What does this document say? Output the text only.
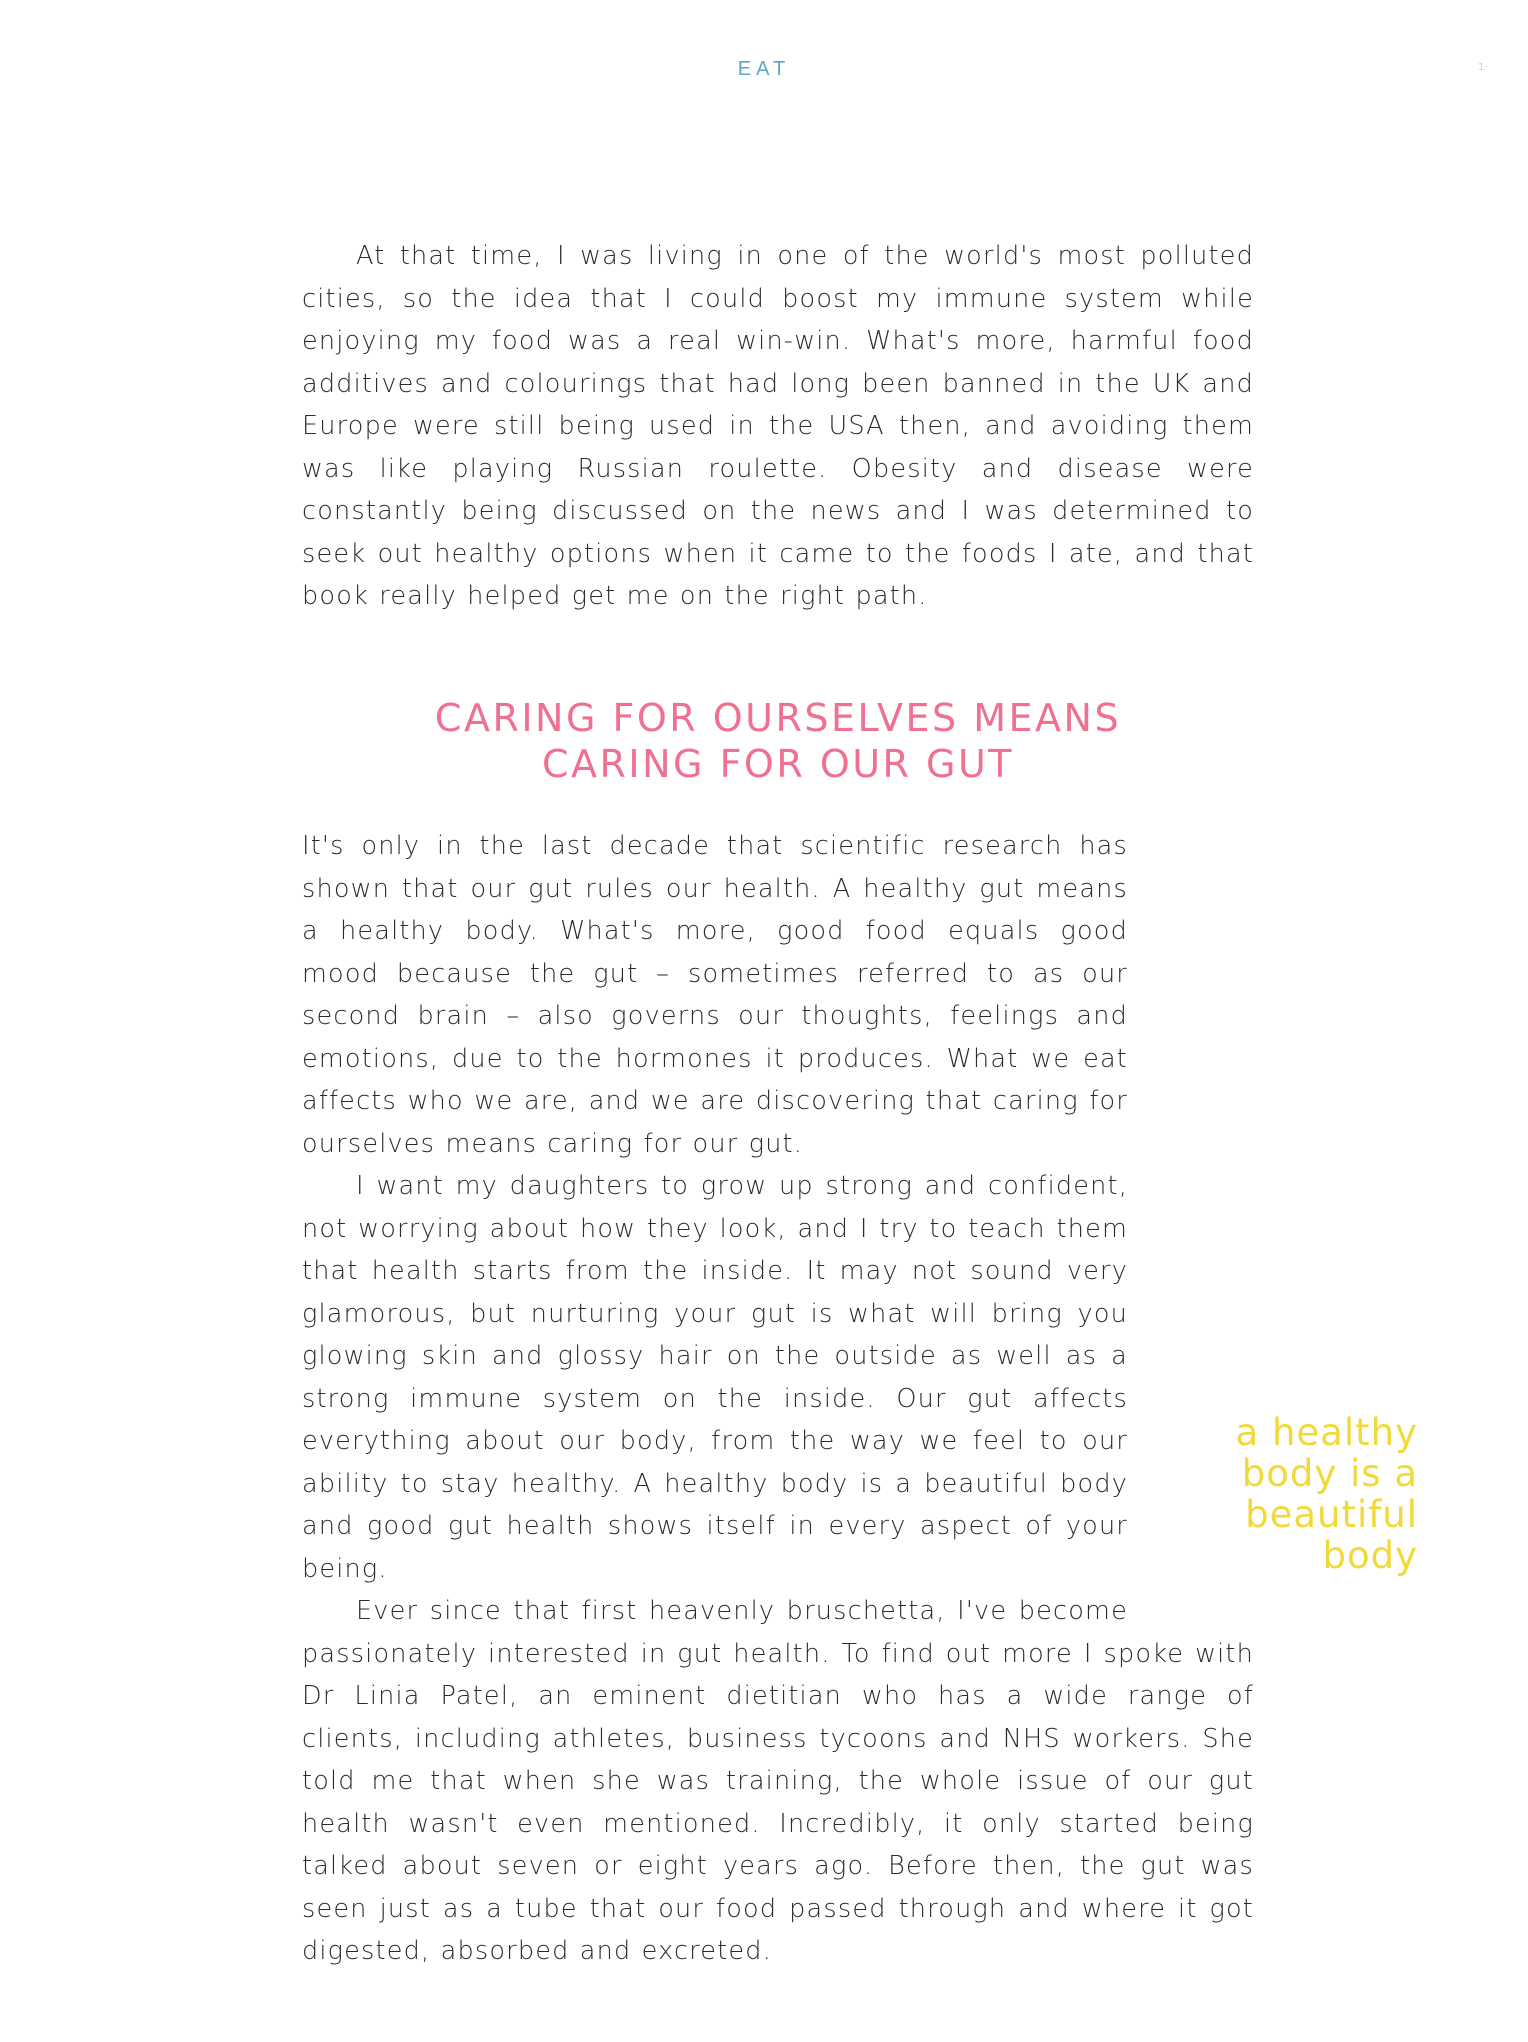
EAT	1·

At that time, I was living in one of the world's most polluted cities, so the idea that I could boost my immune system while enjoying my food was a real win-win. What's more, harmful food additives and colourings that had long been banned in the UK and Europe were still being used in the USA then, and avoiding them was like playing Russian roulette. Obesity and disease were constantly being discussed on the news and I was determined to seek out healthy options when it came to the foods I ate, and that book really helped get me on the right path.

CARING FOR OURSELVES MEANS
CARING FOR OUR GUT

It's only in the last decade that scientific research has shown that our gut rules our health. A healthy gut means a healthy body. What's more, good food equals good mood because the gut – sometimes referred to as our second brain – also governs our thoughts, feelings and emotions, due to the hormones it produces. What we eat affects who we are, and we are discovering that caring for ourselves means caring for our gut.

I want my daughters to grow up strong and confident, not worrying about how they look, and I try to teach them that health starts from the inside. It may not sound very glamorous, but nurturing your gut is what will bring you glowing skin and glossy hair on the outside as well as a strong immune system on the inside. Our gut affects everything about our body, from the way we feel to our ability to stay healthy. A healthy body is a beautiful body and good gut health shows itself in every aspect of your being.

Ever since that first heavenly bruschetta, I've become passionately interested in gut health. To find out more I spoke with Dr Linia Patel, an eminent dietitian who has a wide range of clients, including athletes, business tycoons and NHS workers. She told me that when she was training, the whole issue of our gut health wasn't even mentioned. Incredibly, it only started being talked about seven or eight years ago. Before then, the gut was seen just as a tube that our food passed through and where it got digested, absorbed and excreted.

a healthy
body is a
beautiful
body
